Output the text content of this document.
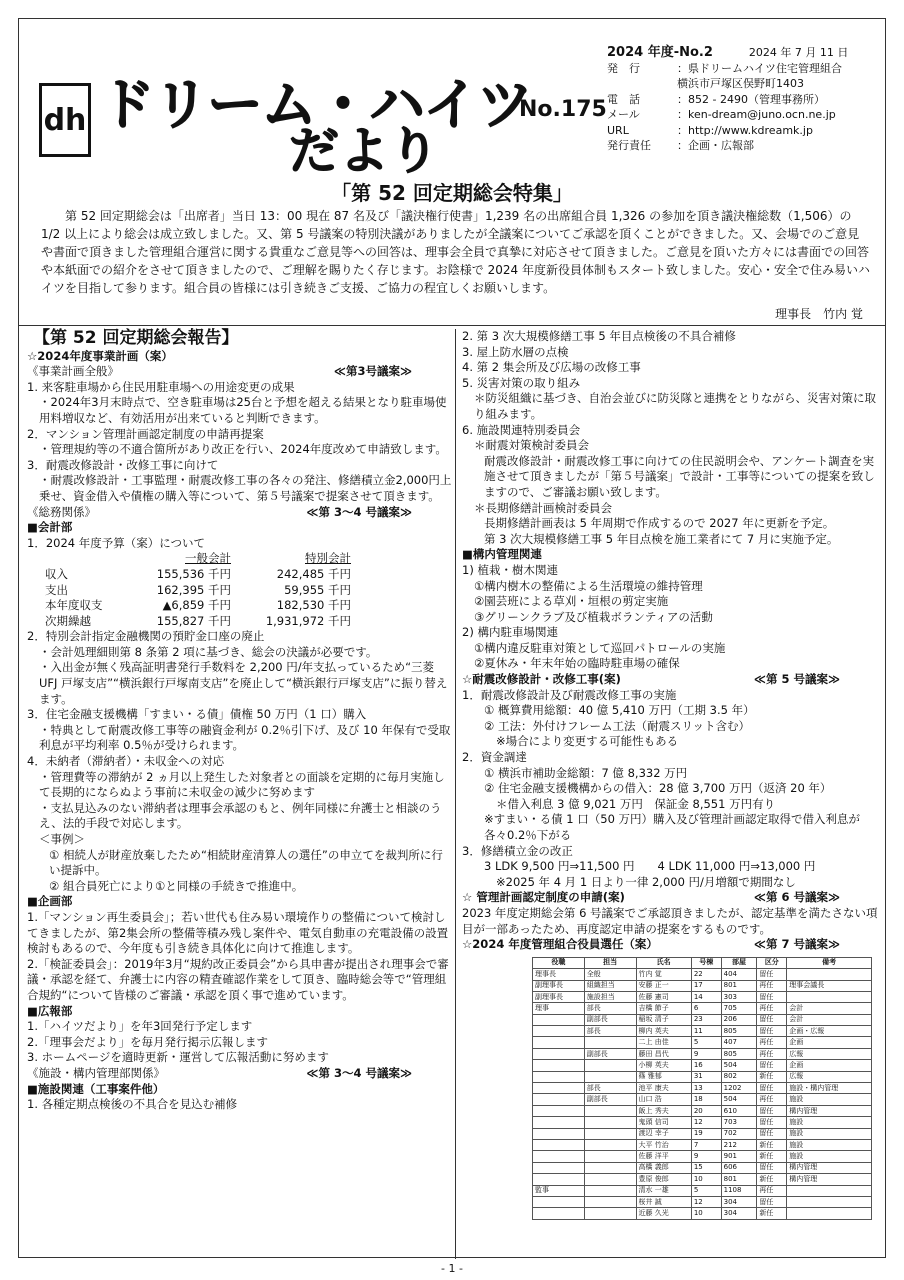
dh ドリーム・ハイツ
だより
No.175
2024 年度-No.2	2024 年 7 月 11 日
発　行	：県ドリームハイツ住宅管理組合
横浜市戸塚区俣野町1403
電　話	：852 - 2490（管理事務所）
メール	：ken-dream@juno.ocn.ne.jp
URL	：http://www.kdreamk.jp
発行責任	：企画・広報部
「第 52 回定期総会特集」
第 52 回定期総会は「出席者」当日 13：00 現在 87 名及び「議決権行使書」1,239 名の出席組合員 1,326 の参加を頂き議決権総数（1,506）の 1/2 以上により総会は成立致しました。又、第 5 号議案の特別決議がありましたが全議案についてご承認を頂くことができました。又、会場でのご意見や書面で頂きました管理組合運営に関する貴重なご意見等への回答は、理事会全員で真摯に対応させて頂きました。ご意見を頂いた方々には書面での回答や本紙面での紹介をさせて頂きましたので、ご理解を賜りたく存じます。お陰様で 2024 年度新役員体制もスタート致しました。安心・安全で住み易いハイツを目指して参ります。組合員の皆様には引き続きご支援、ご協力の程宜しくお願いします。
理事長　竹内 覚
【第 52 回定期総会報告】
☆2024年度事業計画（案）
《事業計画全般》	≪第3号議案≫
1. 来客駐車場から住民用駐車場への用途変更の成果
・2024年3月末時点で、空き駐車場は25台と予想を超える結果となり駐車場使用料増収など、有効活用が出来ていると判断できます。
2．マンション管理計画認定制度の申請再提案
・管理規約等の不適合箇所があり改正を行い、2024年度改めて申請致します。
3．耐震改修設計・改修工事に向けて
・耐震改修設計・工事監理・耐震改修工事の各々の発注、修繕積立金2,000円上乗せ、資金借入や債権の購入等について、第５号議案で提案させて頂きます。
《総務関係》	≪第 3～4 号議案≫
■会計部
1．2024 年度予算（案）について
一般会計	特別会計
収入	155,536 千円	242,485 千円
支出	162,395 千円	59,955 千円
本年度収支	▲6,859 千円	182,530 千円
次期繰越	155,827 千円	1,931,972 千円
2．特別会計指定金融機関の預貯金口座の廃止
・会計処理細則第 8 条第 2 項に基づき、総会の決議が必要です。
・入出金が無く残高証明書発行手数料を 2,200 円/年支払っているため“三菱 UFJ 戸塚支店”“横浜銀行戸塚南支店”を廃止して“横浜銀行戸塚支店”に振り替えます。
3．住宅金融支援機構「すまい・る債」債権 50 万円（1 口）購入
・特典として耐震改修工事等の融資金利が 0.2％引下げ、及び 10 年保有で受取利息が平均利率 0.5％が受けられます。
4．未納者（滞納者）・未収金への対応
・管理費等の滞納が 2 ヵ月以上発生した対象者との面談を定期的に毎月実施して長期的にならぬよう事前に未収金の減少に努めます
・支払見込みのない滞納者は理事会承認のもと、例年同様に弁護士と相談のうえ、法的手段で対応します。
＜事例＞
① 相続人が財産放棄したため“相続財産清算人の選任”の申立てを裁判所に行い提訴中。
② 組合員死亡により①と同様の手続きで推進中。
■企画部
1.「マンション再生委員会」；若い世代も住み易い環境作りの整備について検討してきましたが、第2集会所の整備等積み残し案件や、電気自動車の充電設備の設置検討もあるので、今年度も引き続き具体化に向けて推進します。
2.「検証委員会」：2019年3月“規約改正委員会”から具申書が提出され理事会で審議・承認を経て、弁護士に内容の精査確認作業をして頂き、臨時総会等で“管理組合規約“について皆様のご審議・承認を頂く事で進めています。
■広報部
1.「ハイツだより」を年3回発行予定します
2.「理事会だより」を毎月発行掲示広報します
3. ホームページを適時更新・運営して広報活動に努めます
《施設・構内管理部関係》	≪第 3～4 号議案≫
■施設関連（工事案件他）
1. 各種定期点検後の不具合を見込む補修
2. 第 3 次大規模修繕工事 5 年目点検後の不具合補修
3. 屋上防水層の点検
4. 第 2 集会所及び広場の改修工事
5. 災害対策の取り組み
＊防災組織に基づき、自治会並びに防災隊と連携をとりながら、災害対策に取り組みます。
6. 施設関連特別委員会
＊耐震対策検討委員会
耐震改修設計・耐震改修工事に向けての住民説明会や、アンケート調査を実施させて頂きましたが「第５号議案」で設計・工事等についての提案を致しますので、ご審議お願い致します。
＊長期修繕計画検討委員会
長期修繕計画表は 5 年周期で作成するので 2027 年に更新を予定。
第 3 次大規模修繕工事 5 年目点検を施工業者にて 7 月に実施予定。
■構内管理関連
1) 植栽・樹木関連
①構内樹木の整備による生活環境の維持管理
②園芸班による草刈・垣根の剪定実施
③グリーンクラブ及び植栽ボランティアの活動
2) 構内駐車場関連
①構内違反駐車対策として巡回パトロールの実施
②夏休み・年末年始の臨時駐車場の確保
☆耐震改修設計・改修工事(案)	≪第 5 号議案≫
1．耐震改修設計及び耐震改修工事の実施
① 概算費用総額：40 億 5,410 万円（工期 3.5 年）
② 工法：外付けフレーム工法（耐震スリット含む）
※場合により変更する可能性もある
2．資金調達
① 横浜市補助金総額：7 億 8,332 万円
② 住宅金融支援機構からの借入：28 億 3,700 万円（返済 20 年）
＊借入利息 3 億 9,021 万円　保証金 8,551 万円有り
※すまい・る債 1 口（50 万円）購入及び管理計画認定取得で借入利息が各々0.2％下がる
3．修繕積立金の改正
3 LDK 9,500 円⇒11,500 円　　4 LDK 11,000 円⇒13,000 円
※2025 年 4 月 1 日より一律 2,000 円/月増額で期間なし
☆ 管理計画認定制度の申請(案)	≪第 6 号議案≫
2023 年度定期総会第 6 号議案でご承認頂きましたが、認定基準を満たさない項目が一部あったため、再度認定申請の提案をするものです。
☆2024 年度管理組合役員選任（案）	≪第 7 号議案≫
役職	担当	氏名	号棟	部屋	区分	備考
理事長	全般	竹内 覚	22	404	留任	
副理事長	組織担当	安藤 正一	17	801	再任	理事会議長
副理事長	施設担当	佐藤 憲司	14	303	留任	
理事	部長	吉橋 節子	6	705	再任	会計
	副部長	稲坂 清子	23	206	留任	会計
	部長	柳内 英夫	11	805	留任	企画・広報
		二上 由佳	5	407	再任	企画
	副部長	藤田 昌代	9	805	再任	広報
		小柳 英夫	16	504	留任	企画
		篠 雅郁	31	802	新任	広報
	部長	池平 康夫	13	1202	留任	施設・構内管理
	副部長	山口 浩	18	504	再任	施設
		飯上 秀夫	20	610	留任	構内管理
		鬼頭 信司	12	703	留任	施設
		渡辺 幸子	19	702	留任	施設
		大平 竹治	7	212	新任	施設
		佐藤 洋平	9	901	新任	施設
		高橋 義郎	15	606	留任	構内管理
		豊原 俊郎	10	801	新任	構内管理
監事		清水 一雄	5	1108	再任	
		桜井 誠	12	304	留任	
		近藤 久光	10	304	新任	
- 1 -
